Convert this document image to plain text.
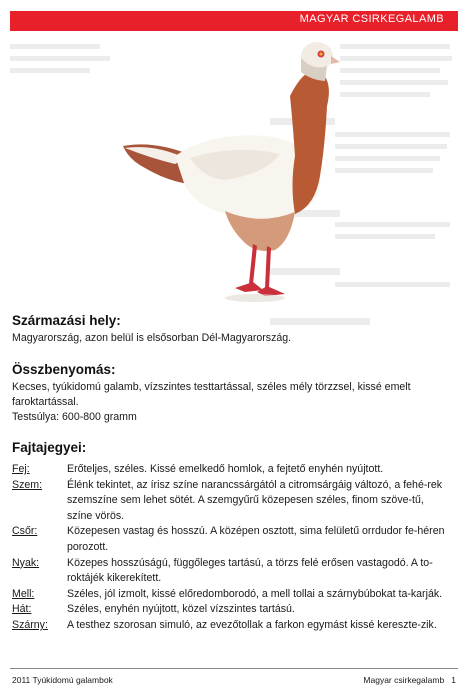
MAGYAR CSIRKEGALAMB

Származási hely:

Magyarország, azon belül is elsősorban Dél-Magyarország.

Összbenyomás:

Kecses, tyúkidomú galamb, vízszintes testtartással, széles mély törzzsel, kissé emelt faroktartással.

Testsúlya: 600-800 gramm

Fajtajegyei:
Fej:	Erőteljes, széles. Kissé emelkedő homlok, a fejtető enyhén nyújtott.
Szem:	Élénk tekintet, az írisz színe narancssárgától a citromsárgáig változó, a fehé-rek szemszíne sem lehet sötét. A szemgyűrű közepesen széles, finom szöve-tű, színe vörös.
Csőr:	Közepesen vastag és hosszú. A középen osztott, sima felületű orrdudor fe-héren porozott.
Nyak:	Közepes hosszúságú, függőleges tartású, a törzs felé erősen vastagodó. A to-roktájék kikerekített.
Mell:	Széles, jól izmolt, kissé előredomborodó, a mell tollai a szárnybúbokat ta-karják.
Hát:	Széles, enyhén nyújtott, közel vízszintes tartású.
Szárny:	A testhez szorosan simuló, az evezőtollak a farkon egymást kissé kereszte-zik.
2011 Tyúkidomú galambok	Magyar csirkegalamb   1
